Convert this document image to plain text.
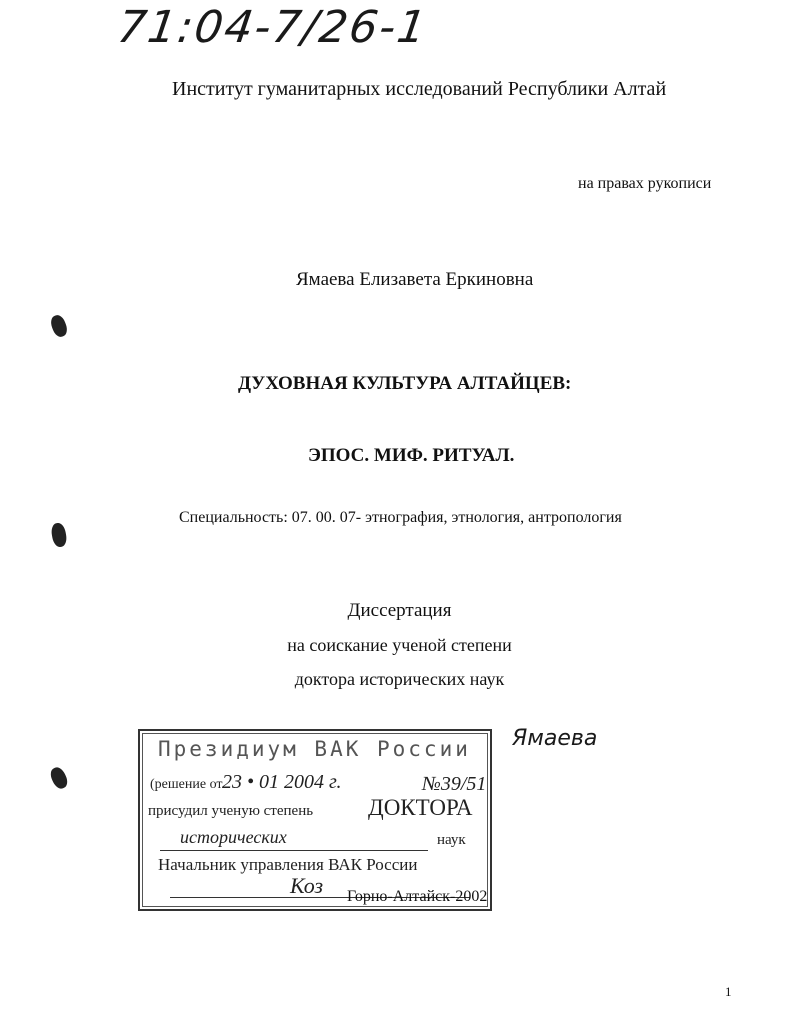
71:04-7/26-1
Институт гуманитарных исследований Республики Алтай
на правах рукописи
Ямаева Елизавета Еркиновна
ДУХОВНАЯ КУЛЬТУРА АЛТАЙЦЕВ:
ЭПОС. МИФ. РИТУАЛ.
Специальность: 07. 00. 07- этнография, этнология, антропология
Диссертация
на соискание ученой степени
доктора исторических наук
Президиум ВАК России
(решение от 23 • 01 2004 г.	№39/51
присудил ученую степень ДОКТОРА
исторических	наук
Начальник управления ВАК России
Коз Горно-Алтайск-2002
Ямаева
1
